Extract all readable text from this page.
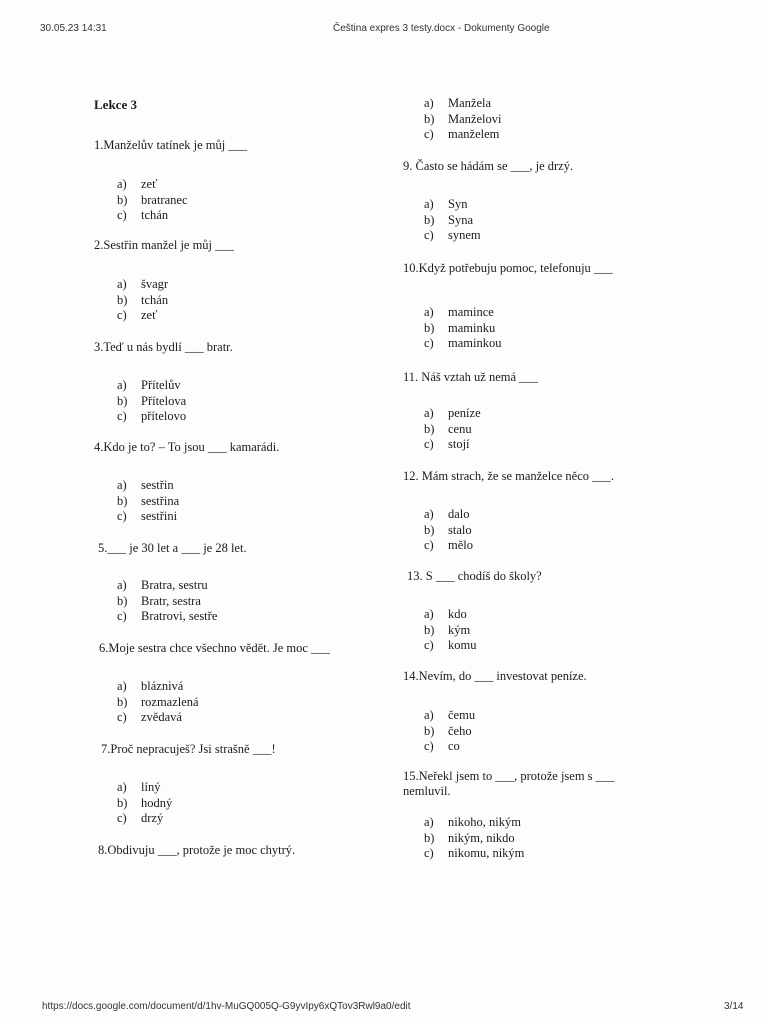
30.05.23 14:31	Čeština expres 3 testy.docx - Dokumenty Google
Lekce 3
1.Manželův tatínek je můj ___
a)	zeť
b)	bratranec
c)	tchán
2.Sestřin manžel je můj ___
a)	švagr
b)	tchán
c)	zeť
3.Teď u nás bydlí ___ bratr.
a)	Přítelův
b)	Přítelova
c)	přítelovo
4.Kdo je to? – To jsou ___ kamarádi.
a)	sestřin
b)	sestřina
c)	sestřini
5.___ je 30 let a ___ je 28 let.
a)	Bratra, sestru
b)	Bratr, sestra
c)	Bratrovi, sestře
6.Moje sestra chce všechno vědět. Je moc ___
a)	bláznivá
b)	rozmazlená
c)	zvědavá
7.Proč nepracuješ? Jsi strašně ___!
a)	líný
b)	hodný
c)	drzý
8.Obdivuju ___, protože je moc chytrý.
a)	Manžela
b)	Manželovi
c)	manželem
9. Často se hádám se ___, je drzý.
a)	Syn
b)	Syna
c)	synem
10.Když potřebuju pomoc, telefonuju ___
a)	mamince
b)	maminku
c)	maminkou
11. Náš vztah už nemá ___
a)	peníze
b)	cenu
c)	stojí
12. Mám strach, že se manželce něco ___.
a)	dalo
b)	stalo
c)	mělo
13. S ___ chodíš do školy?
a)	kdo
b)	kým
c)	komu
14.Nevím, do ___ investovat peníze.
a)	čemu
b)	čeho
c)	co
15.Neřekl jsem to ___, protože jsem s ___ nemluvil.
a)	nikoho, nikým
b)	nikým, nikdo
c)	nikomu, nikým
https://docs.google.com/document/d/1hv-MuGQ005Q-G9yvIpy6xQTov3Rwl9a0/edit	3/14
